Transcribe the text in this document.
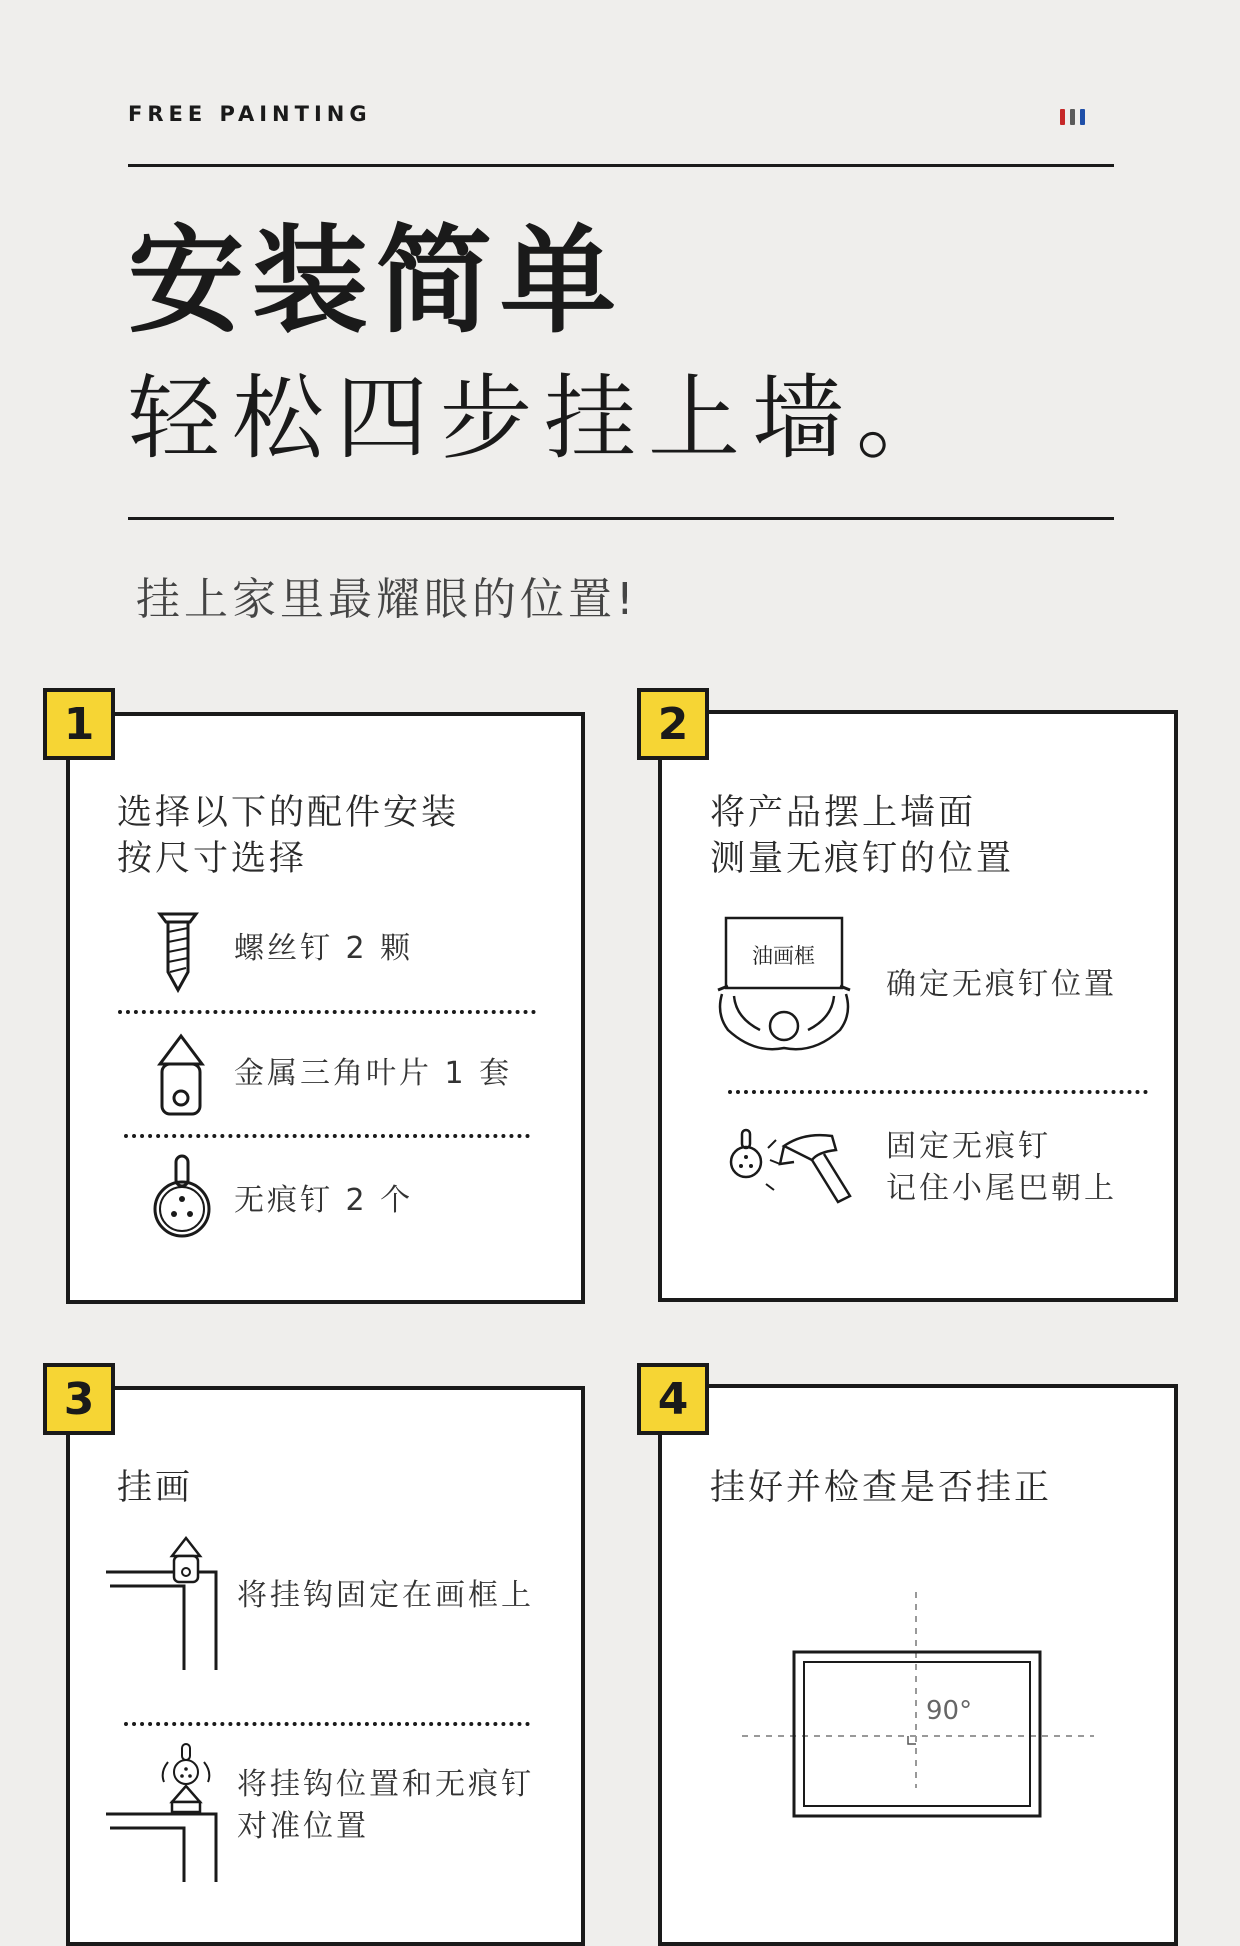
FREE PAINTING
安装简单
轻松四步挂上墙。
挂上家里最耀眼的位置!
1
选择以下的配件安装
按尺寸选择
螺丝钉 2 颗
金属三角叶片 1 套
无痕钉 2 个
2
将产品摆上墙面
测量无痕钉的位置
油画框
确定无痕钉位置
固定无痕钉
记住小尾巴朝上
3
挂画
将挂钩固定在画框上
将挂钩位置和无痕钉
对准位置
4
挂好并检查是否挂正
90°
